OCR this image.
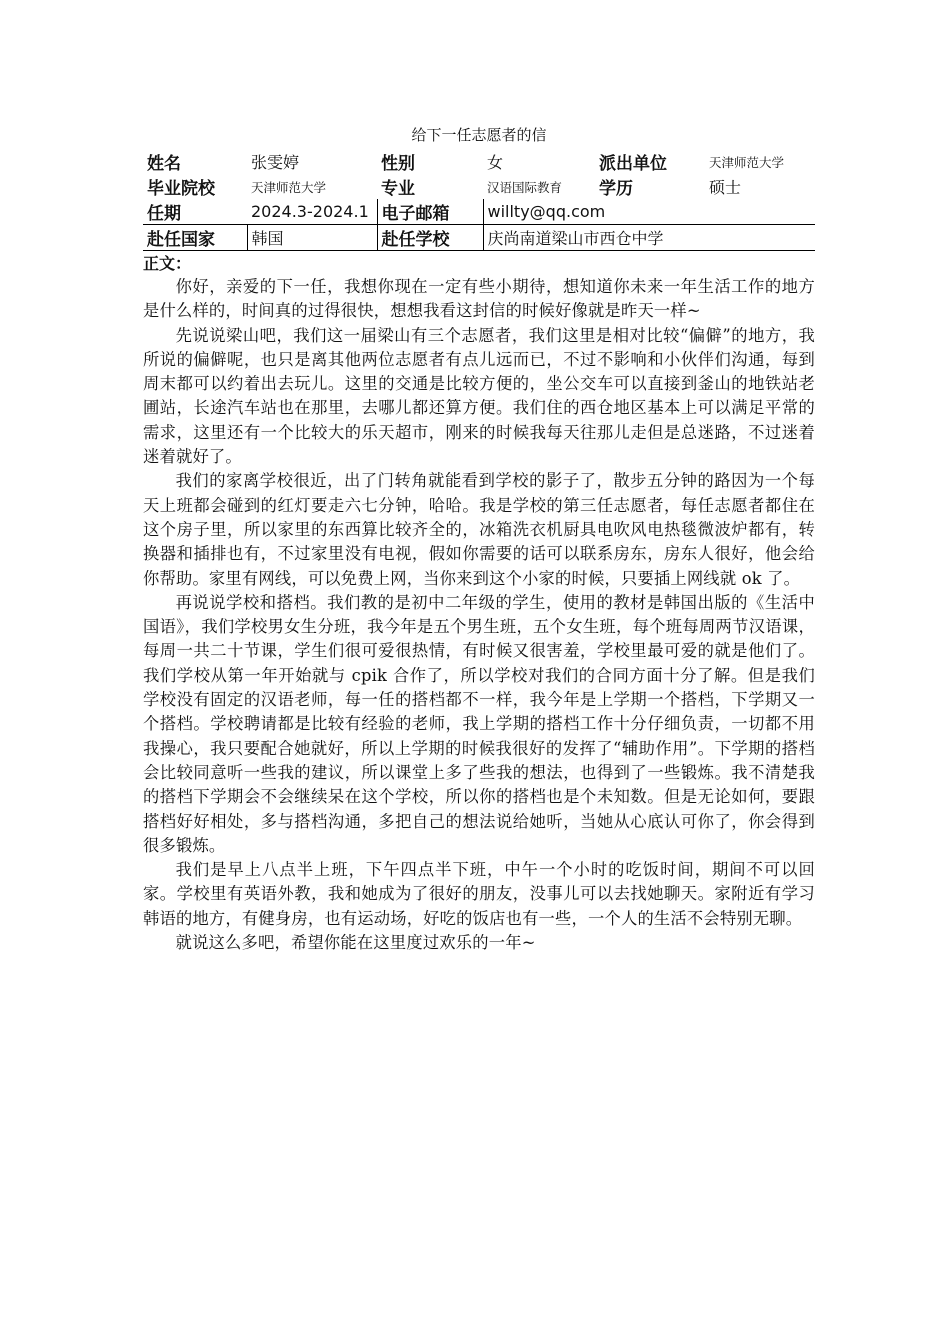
给下一任志愿者的信
姓名	张雯婷	性别	女	派出单位	天津师范大学
毕业院校	天津师范大学	专业	汉语国际教育	学历	硕士
任期	2024.3-2024.1	电子邮箱	willty@qq.com		
赴任国家	韩国	赴任学校	庆尚南道梁山市西仓中学		
正文：

你好，亲爱的下一任，我想你现在一定有些小期待，想知道你未来一年生活工作的地方是什么样的，时间真的过得很快，想想我看这封信的时候好像就是昨天一样~

先说说梁山吧，我们这一届梁山有三个志愿者，我们这里是相对比较“偏僻”的地方，我所说的偏僻呢，也只是离其他两位志愿者有点儿远而已，不过不影响和小伙伴们沟通，每到周末都可以约着出去玩儿。这里的交通是比较方便的，坐公交车可以直接到釜山的地铁站老圃站，长途汽车站也在那里，去哪儿都还算方便。我们住的西仓地区基本上可以满足平常的需求，这里还有一个比较大的乐天超市，刚来的时候我每天往那儿走但是总迷路，不过迷着迷着就好了。

我们的家离学校很近，出了门转角就能看到学校的影子了，散步五分钟的路因为一个每天上班都会碰到的红灯要走六七分钟，哈哈。我是学校的第三任志愿者，每任志愿者都住在这个房子里，所以家里的东西算比较齐全的，冰箱洗衣机厨具电吹风电热毯微波炉都有，转换器和插排也有，不过家里没有电视，假如你需要的话可以联系房东，房东人很好，他会给你帮助。家里有网线，可以免费上网，当你来到这个小家的时候，只要插上网线就 ok 了。

再说说学校和搭档。我们教的是初中二年级的学生，使用的教材是韩国出版的《生活中国语》，我们学校男女生分班，我今年是五个男生班，五个女生班，每个班每周两节汉语课，每周一共二十节课，学生们很可爱很热情，有时候又很害羞，学校里最可爱的就是他们了。我们学校从第一年开始就与 cpik 合作了，所以学校对我们的合同方面十分了解。但是我们学校没有固定的汉语老师，每一任的搭档都不一样，我今年是上学期一个搭档，下学期又一个搭档。学校聘请都是比较有经验的老师，我上学期的搭档工作十分仔细负责，一切都不用我操心，我只要配合她就好，所以上学期的时候我很好的发挥了“辅助作用”。下学期的搭档会比较同意听一些我的建议，所以课堂上多了些我的想法，也得到了一些锻炼。我不清楚我的搭档下学期会不会继续呆在这个学校，所以你的搭档也是个未知数。但是无论如何，要跟搭档好好相处，多与搭档沟通，多把自己的想法说给她听，当她从心底认可你了，你会得到很多锻炼。

我们是早上八点半上班，下午四点半下班，中午一个小时的吃饭时间，期间不可以回家。学校里有英语外教，我和她成为了很好的朋友，没事儿可以去找她聊天。家附近有学习韩语的地方，有健身房，也有运动场，好吃的饭店也有一些，一个人的生活不会特别无聊。

就说这么多吧，希望你能在这里度过欢乐的一年~
